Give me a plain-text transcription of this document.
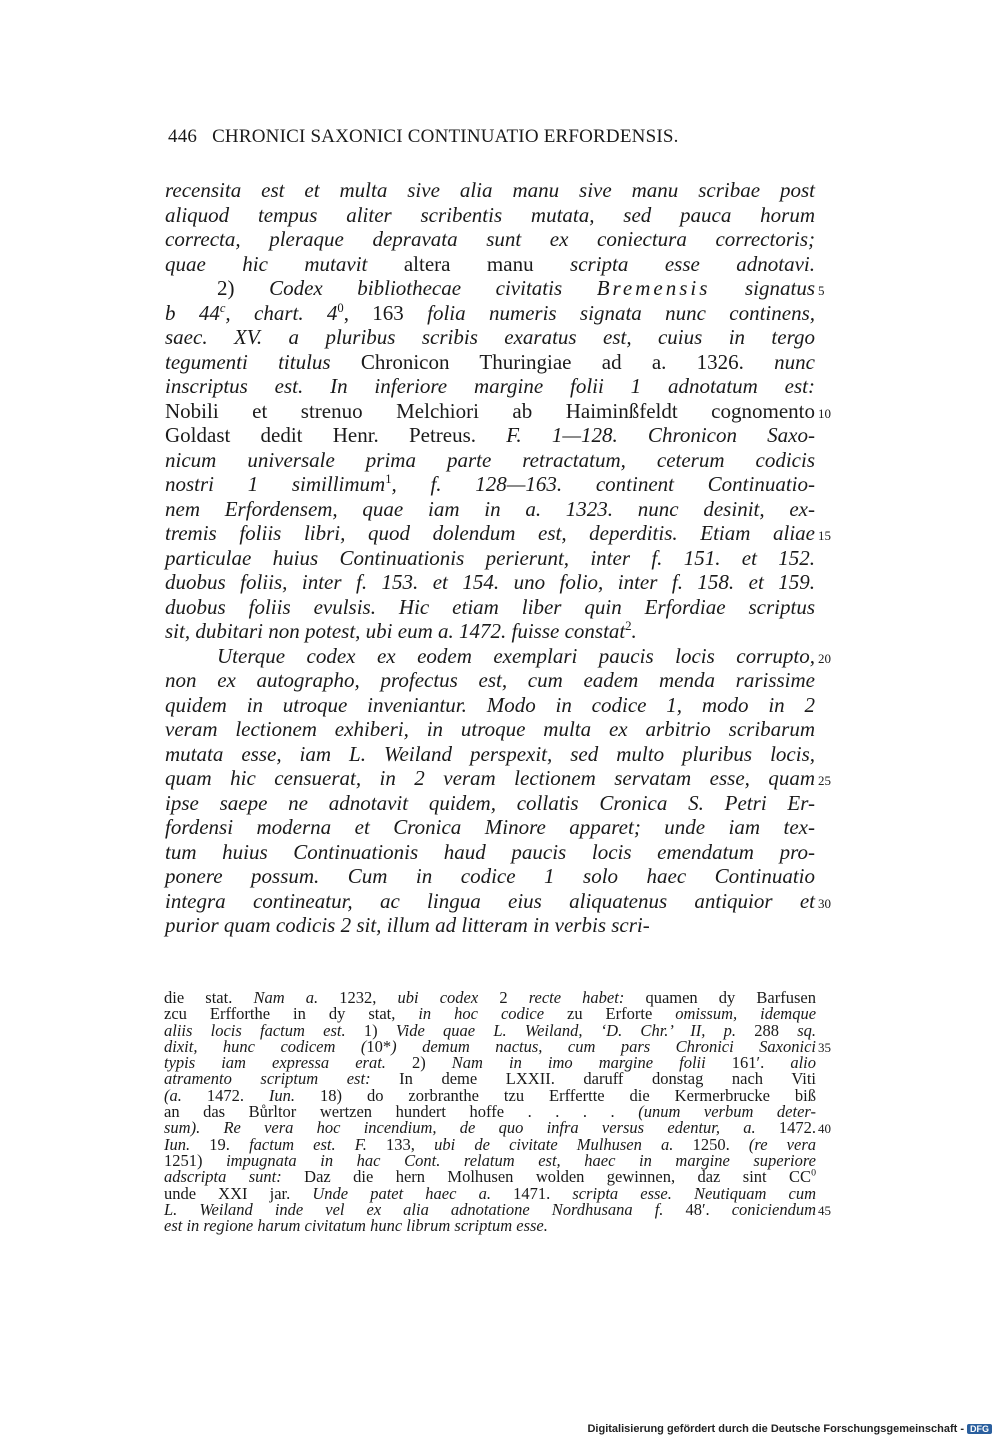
446 CHRONICI SAXONICI CONTINUATIO ERFORDENSIS.
recensita est et multa sive alia manu sive manu scribae post
aliquod tempus aliter scribentis mutata, sed pauca horum
correcta, pleraque depravata sunt ex coniectura correctoris;
quae hic mutavit altera manu scripta esse adnotavi.
2) Codex bibliothecae civitatis Bremensis signatus
b 44$^c$, chart. $4^0$, 163 folia numeris signata nunc continens,
saec. XV. a pluribus scribis exaratus est, cuius in tergo
tegumenti titulus Chronicon Thuringiae ad a. 1326. nunc
inscriptus est. In inferiore margine folii 1 adnotatum est:
Nobili et strenuo Melchiori ab Haiminßfeldt cognomento
Goldast dedit Henr. Petreus. F. 1—128. Chronicon Saxo-
nicum universale prima parte retractatum, ceterum codicis
nostri 1 simillimum$^1$, f. 128—163. continent Continuatio-
nem Erfordensem, quae iam in a. 1323. nunc desinit, ex-
tremis foliis libri, quod dolendum est, deperditis. Etiam aliae
particulae huius Continuationis perierunt, inter f. 151. et 152.
duobus foliis, inter f. 153. et 154. uno folio, inter f. 158. et 159.
duobus foliis evulsis. Hic etiam liber quin Erfordiae scriptus
sit, dubitari non potest, ubi eum a. 1472. fuisse constat$^2$.
Uterque codex ex eodem exemplari paucis locis corrupto,
non ex autographo, profectus est, cum eadem menda rarissime
quidem in utroque inveniantur. Modo in codice 1, modo in 2
veram lectionem exhiberi, in utroque multa ex arbitrio scribarum
mutata esse, iam L. Weiland perspexit, sed multo pluribus locis,
quam hic censuerat, in 2 veram lectionem servatam esse, quam
ipse saepe ne adnotavit quidem, collatis Cronica S. Petri Er-
fordensi moderna et Cronica Minore apparet; unde iam tex-
tum huius Continuationis haud paucis locis emendatum pro-
ponere possum. Cum in codice 1 solo haec Continuatio
integra contineatur, ac lingua eius aliquatenus antiquior et
purior quam codicis 2 sit, illum ad litteram in verbis scri-
die stat. Nam a. 1232, ubi codex 2 recte habet: quamen dy Barfusen
zcu Erfforthe in dy stat, in hoc codice zu Erforte omissum, idemque
aliis locis factum est. 1) Vide quae L. Weiland, ‘D. Chr.’ II, p. 288 sq.
dixit, hunc codicem (10*) demum nactus, cum pars Chronici Saxonici
typis iam expressa erat. 2) Nam in imo margine folii 161′. alio
atramento scriptum est: In deme LXXII. daruff donstag nach Viti
(a. 1472. Iun. 18) do zorbranthe tzu Erffertte die Kermerbrucke biß
an das Bůrltor wertzen hundert hoffe . . . . (unum verbum deter-
sum). Re vera hoc incendium, de quo infra versus edentur, a. 1472.
Iun. 19. factum est. F. 133, ubi de civitate Mulhusen a. 1250. (re vera
1251) impugnata in hac Cont. relatum est, haec in margine superiore
adscripta sunt: Daz die hern Molhusen wolden gewinnen, daz sint $CC^0$
unde XXI jar. Unde patet haec a. 1471. scripta esse. Neutiquam cum
L. Weiland inde vel ex alia adnotatione Nordhusana f. 48′. coniciendum
est in regione harum civitatum hunc librum scriptum esse.
Digitalisierung gefördert durch die Deutsche Forschungsgemeinschaft - DFG
5
10
15
20
25
30
35
40
45
